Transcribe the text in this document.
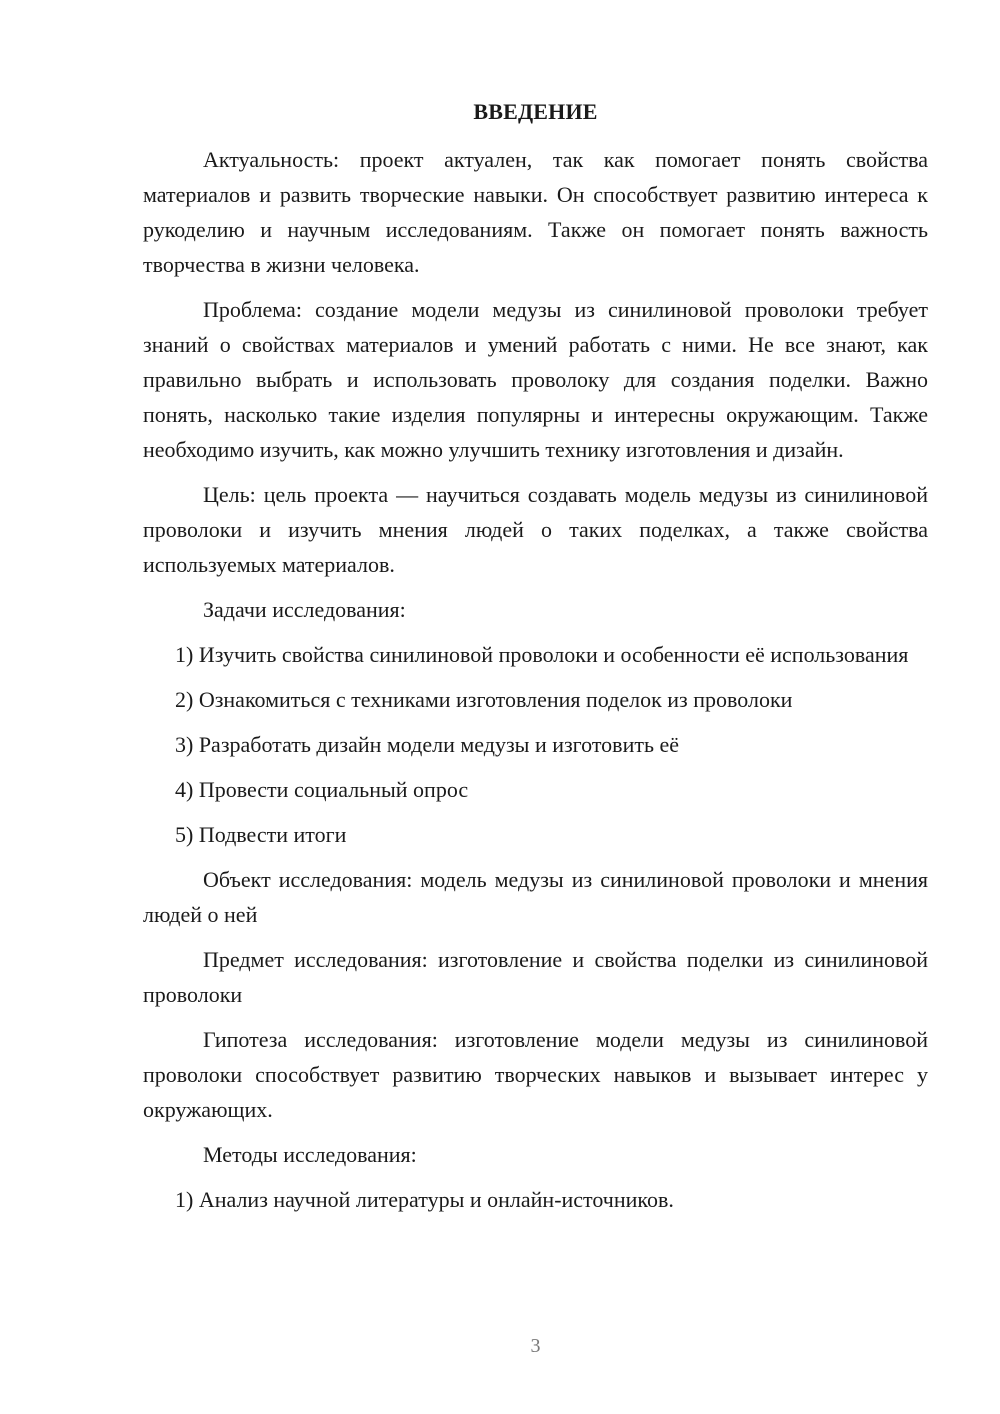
ВВЕДЕНИЕ

Актуальность: проект актуален, так как помогает понять свойства материалов и развить творческие навыки. Он способствует развитию интереса к рукоделию и научным исследованиям. Также он помогает понять важность творчества в жизни человека.

Проблема: создание модели медузы из синилиновой проволоки требует знаний о свойствах материалов и умений работать с ними. Не все знают, как правильно выбрать и использовать проволоку для создания поделки. Важно понять, насколько такие изделия популярны и интересны окружающим. Также необходимо изучить, как можно улучшить технику изготовления и дизайн.

Цель: цель проекта — научиться создавать модель медузы из синилиновой проволоки и изучить мнения людей о таких поделках, а также свойства используемых материалов.

Задачи исследования:

1) Изучить свойства синилиновой проволоки и особенности её использования

2) Ознакомиться с техниками изготовления поделок из проволоки

3) Разработать дизайн модели медузы и изготовить её

4) Провести социальный опрос

5) Подвести итоги

Объект исследования: модель медузы из синилиновой проволоки и мнения людей о ней

Предмет исследования: изготовление и свойства поделки из синилиновой проволоки

Гипотеза исследования: изготовление модели медузы из синилиновой проволоки способствует развитию творческих навыков и вызывает интерес у окружающих.

Методы исследования:

1) Анализ научной литературы и онлайн-источников.

3
